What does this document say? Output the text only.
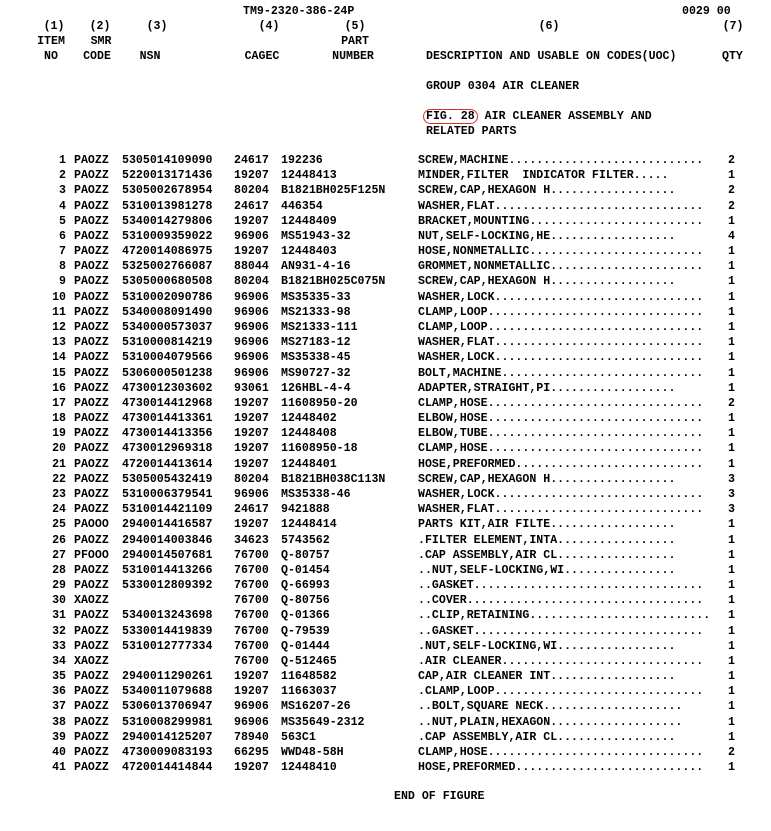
TM9-2320-386-24P	0029 00
(1)	(2)	(3)	(4)	(5)	(6)	(7)
ITEM	SMR	PART
NO	CODE	NSN	CAGEC	NUMBER	DESCRIPTION AND USABLE ON CODES(UOC)	QTY
GROUP 0304 AIR CLEANER
FIG. 28 AIR CLEANER ASSEMBLY AND
RELATED PARTS
1 PAOZZ 5305014109090 24617 192236	SCREW,MACHINE............................ 2
2 PAOZZ 5220013171436 19207 12448413	MINDER,FILTER  INDICATOR FILTER.....	1
3 PAOZZ 5305002678954 80204 B1821BH025F125N	SCREW,CAP,HEXAGON H..................	2
4 PAOZZ 5310013981278 24617 446354	WASHER,FLAT.............................. 2
5 PAOZZ 5340014279806 19207 12448409	BRACKET,MOUNTING......................... 1
6 PAOZZ 5310009359022 96906 MS51943-32	NUT,SELF-LOCKING,HE..................	4
7 PAOZZ 4720014086975 19207 12448403	HOSE,NONMETALLIC......................... 1
8 PAOZZ 5325002766087 88044 AN931-4-16	GROMMET,NONMETALLIC...................... 1
9 PAOZZ 5305000680508 80204 B1821BH025C075N	SCREW,CAP,HEXAGON H..................	1
10 PAOZZ 5310002090786 96906 MS35335-33	WASHER,LOCK.............................. 1
11 PAOZZ 5340008091490 96906 MS21333-98	CLAMP,LOOP............................... 1
12 PAOZZ 5340000573037 96906 MS21333-111	CLAMP,LOOP............................... 1
13 PAOZZ 5310000814219 96906 MS27183-12	WASHER,FLAT.............................. 1
14 PAOZZ 5310004079566 96906 MS35338-45	WASHER,LOCK.............................. 1
15 PAOZZ 5306000501238 96906 MS90727-32	BOLT,MACHINE............................. 1
16 PAOZZ 4730012303602 93061 126HBL-4-4	ADAPTER,STRAIGHT,PI..................	1
17 PAOZZ 4730014412968 19207 11608950-20	CLAMP,HOSE............................... 2
18 PAOZZ 4730014413361 19207 12448402	ELBOW,HOSE............................... 1
19 PAOZZ 4730014413356 19207 12448408	ELBOW,TUBE............................... 1
20 PAOZZ 4730012969318 19207 11608950-18	CLAMP,HOSE............................... 1
21 PAOZZ 4720014413614 19207 12448401	HOSE,PREFORMED........................... 1
22 PAOZZ 5305005432419 80204 B1821BH038C113N	SCREW,CAP,HEXAGON H..................	3
23 PAOZZ 5310006379541 96906 MS35338-46	WASHER,LOCK.............................. 3
24 PAOZZ 5310014421109 24617 9421888	WASHER,FLAT.............................. 3
25 PAOOO 2940014416587 19207 12448414	PARTS KIT,AIR FILTE..................	1
26 PAOZZ 2940014003846 34623 5743562	.FILTER ELEMENT,INTA.................	1
27 PFOOO 2940014507681 76700 Q-80757	.CAP ASSEMBLY,AIR CL.................	1
28 PAOZZ 5310014413266 76700 Q-01454	..NUT,SELF-LOCKING,WI................	1
29 PAOZZ 5330012809392 76700 Q-66993	..GASKET................................. 1
30 XAOZZ	76700 Q-80756	..COVER.................................. 1
31 PAOZZ 5340013243698 76700 Q-01366	..CLIP,RETAINING.......................... 1
32 PAOZZ 5330014419839 76700 Q-79539	..GASKET................................. 1
33 PAOZZ 5310012777334 76700 Q-01444	.NUT,SELF-LOCKING,WI.................	1
34 XAOZZ	76700 Q-512465	.AIR CLEANER............................. 1
35 PAOZZ 2940011290261 19207 11648582	CAP,AIR CLEANER INT..................	1
36 PAOZZ 5340011079688 19207 11663037	.CLAMP,LOOP.............................. 1
37 PAOZZ 5306013706947 96906 MS16207-26	..BOLT,SQUARE NECK....................	1
38 PAOZZ 5310008299981 96906 MS35649-2312	..NUT,PLAIN,HEXAGON...................	1
39 PAOZZ 2940014125207 78940 563C1	.CAP ASSEMBLY,AIR CL.................	1
40 PAOZZ 4730009083193 66295 WWD48-58H	CLAMP,HOSE............................... 2
41 PAOZZ 4720014414844 19207 12448410	HOSE,PREFORMED........................... 1
END OF FIGURE
